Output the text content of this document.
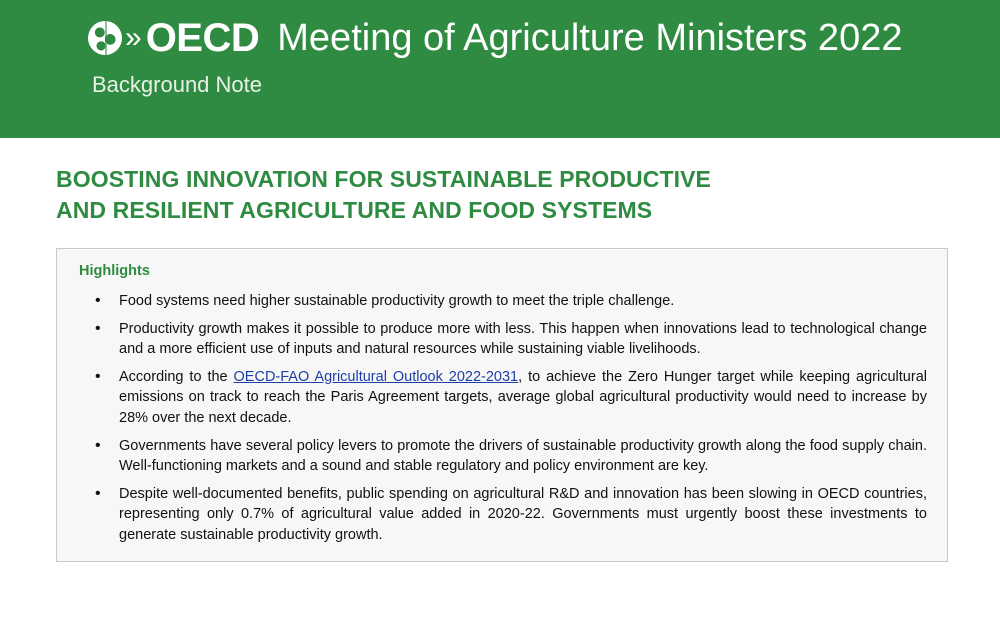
» OECD Meeting of Agriculture Ministers 2022
Background Note
BOOSTING INNOVATION FOR SUSTAINABLE PRODUCTIVE
AND RESILIENT AGRICULTURE AND FOOD SYSTEMS
Highlights
• Food systems need higher sustainable productivity growth to meet the triple challenge.
• Productivity growth makes it possible to produce more with less. This happen when innovations lead to technological change and a more efficient use of inputs and natural resources while sustaining viable livelihoods.
• According to the OECD-FAO Agricultural Outlook 2022-2031, to achieve the Zero Hunger target while keeping agricultural emissions on track to reach the Paris Agreement targets, average global agricultural productivity would need to increase by 28% over the next decade.
• Governments have several policy levers to promote the drivers of sustainable productivity growth along the food supply chain. Well-functioning markets and a sound and stable regulatory and policy environment are key.
• Despite well-documented benefits, public spending on agricultural R&D and innovation has been slowing in OECD countries, representing only 0.7% of agricultural value added in 2020-22. Governments must urgently boost these investments to generate sustainable productivity growth.
